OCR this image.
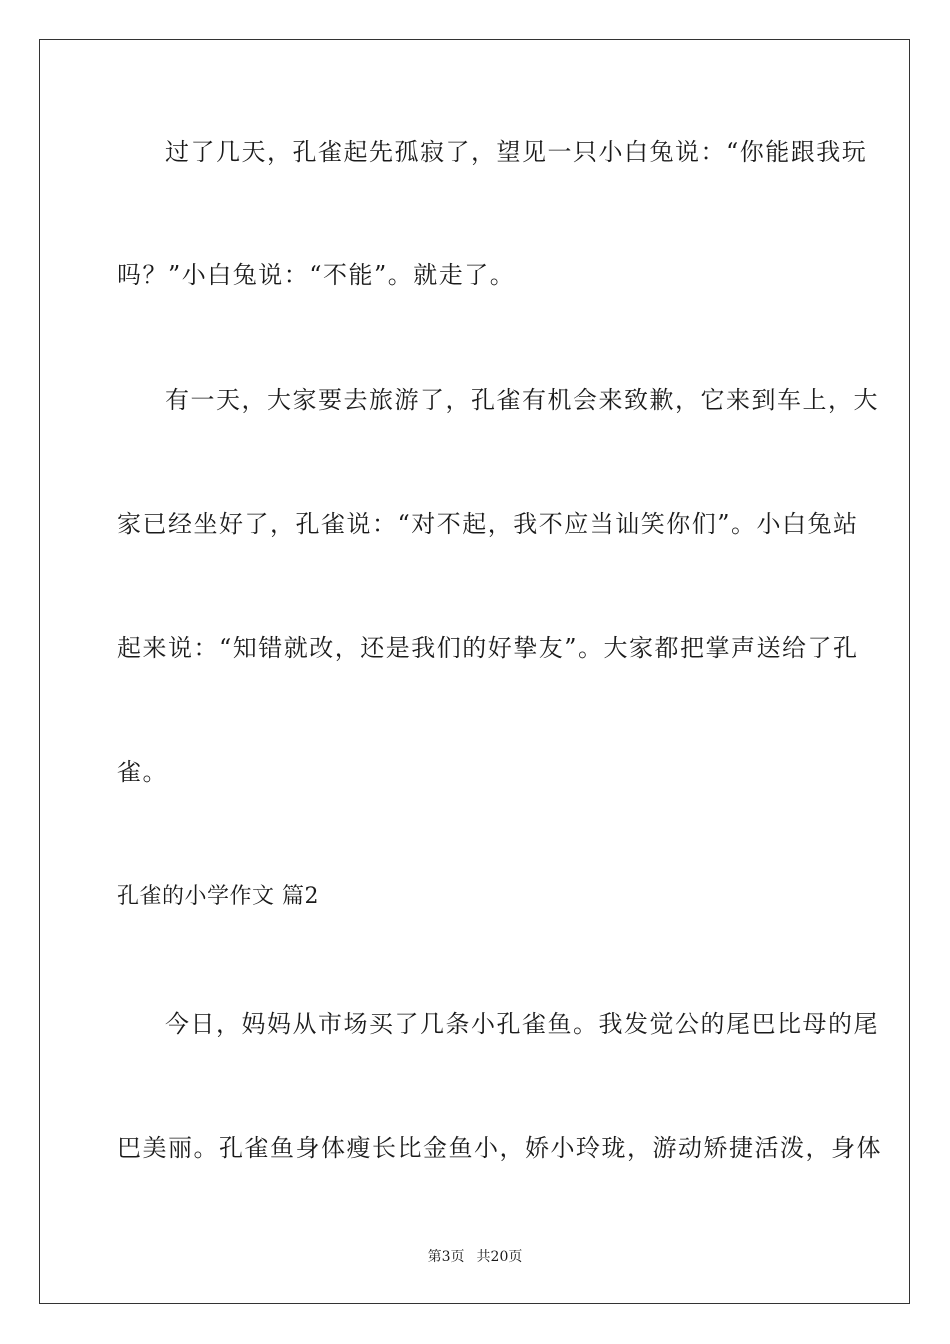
过了几天，孔雀起先孤寂了，望见一只小白兔说：“你能跟我玩
吗？”小白兔说：“不能”。就走了。
有一天，大家要去旅游了，孔雀有机会来致歉，它来到车上，大
家已经坐好了，孔雀说：“对不起，我不应当讪笑你们”。小白兔站
起来说：“知错就改，还是我们的好挚友”。大家都把掌声送给了孔
雀。
孔雀的小学作文 篇2
今日，妈妈从市场买了几条小孔雀鱼。我发觉公的尾巴比母的尾
巴美丽。孔雀鱼身体瘦长比金鱼小，娇小玲珑，游动矫捷活泼，身体
第3页 共20页
